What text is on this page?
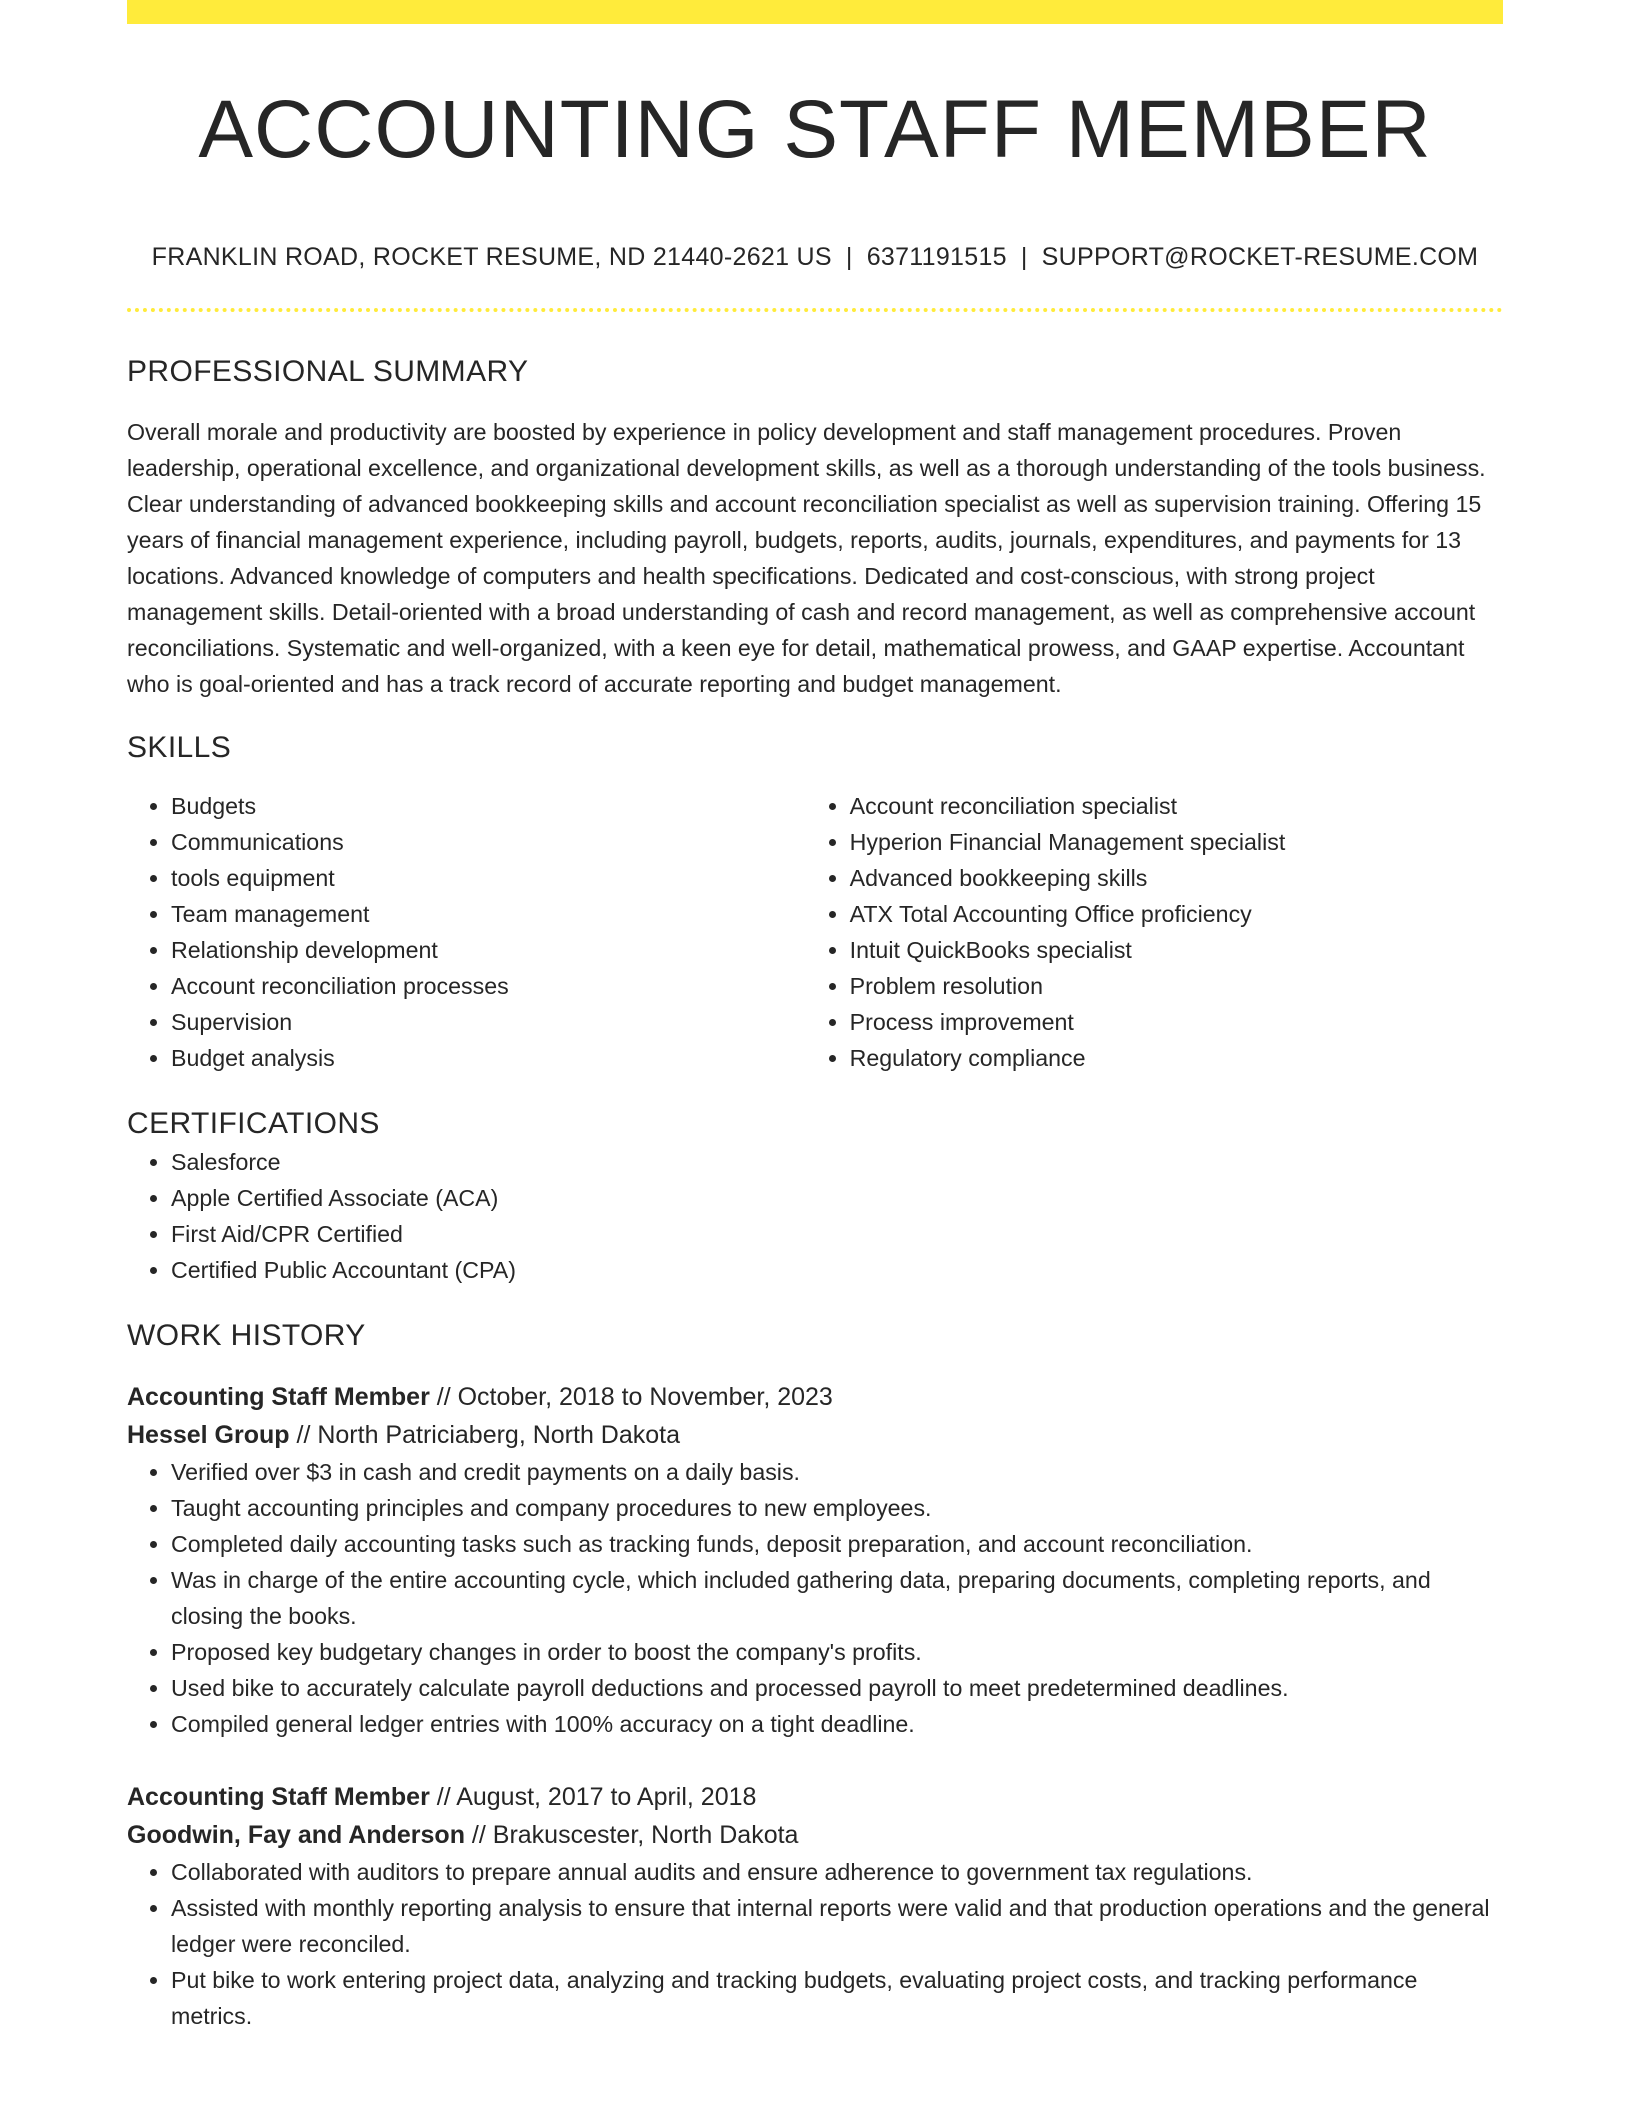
ACCOUNTING STAFF MEMBER
FRANKLIN ROAD, ROCKET RESUME, ND 21440-2621 US | 6371191515 | SUPPORT@ROCKET-RESUME.COM
PROFESSIONAL SUMMARY

Overall morale and productivity are boosted by experience in policy development and staff management procedures. Proven leadership, operational excellence, and organizational development skills, as well as a thorough understanding of the tools business. Clear understanding of advanced bookkeeping skills and account reconciliation specialist as well as supervision training. Offering 15 years of financial management experience, including payroll, budgets, reports, audits, journals, expenditures, and payments for 13 locations. Advanced knowledge of computers and health specifications. Dedicated and cost-conscious, with strong project management skills. Detail-oriented with a broad understanding of cash and record management, as well as comprehensive account reconciliations. Systematic and well-organized, with a keen eye for detail, mathematical prowess, and GAAP expertise. Accountant who is goal-oriented and has a track record of accurate reporting and budget management.

SKILLS
• Budgets
• Communications
• tools equipment
• Team management
• Relationship development
• Account reconciliation processes
• Supervision
• Budget analysis
• Account reconciliation specialist
• Hyperion Financial Management specialist
• Advanced bookkeeping skills
• ATX Total Accounting Office proficiency
• Intuit QuickBooks specialist
• Problem resolution
• Process improvement
• Regulatory compliance
CERTIFICATIONS
• Salesforce
• Apple Certified Associate (ACA)
• First Aid/CPR Certified
• Certified Public Accountant (CPA)
WORK HISTORY
Accounting Staff Member // October, 2018 to November, 2023
Hessel Group // North Patriciaberg, North Dakota
• Verified over $3 in cash and credit payments on a daily basis.
• Taught accounting principles and company procedures to new employees.
• Completed daily accounting tasks such as tracking funds, deposit preparation, and account reconciliation.
• Was in charge of the entire accounting cycle, which included gathering data, preparing documents, completing reports, and closing the books.
• Proposed key budgetary changes in order to boost the company's profits.
• Used bike to accurately calculate payroll deductions and processed payroll to meet predetermined deadlines.
• Compiled general ledger entries with 100% accuracy on a tight deadline.
Accounting Staff Member // August, 2017 to April, 2018
Goodwin, Fay and Anderson // Brakuscester, North Dakota
• Collaborated with auditors to prepare annual audits and ensure adherence to government tax regulations.
• Assisted with monthly reporting analysis to ensure that internal reports were valid and that production operations and the general ledger were reconciled.
• Put bike to work entering project data, analyzing and tracking budgets, evaluating project costs, and tracking performance metrics.
